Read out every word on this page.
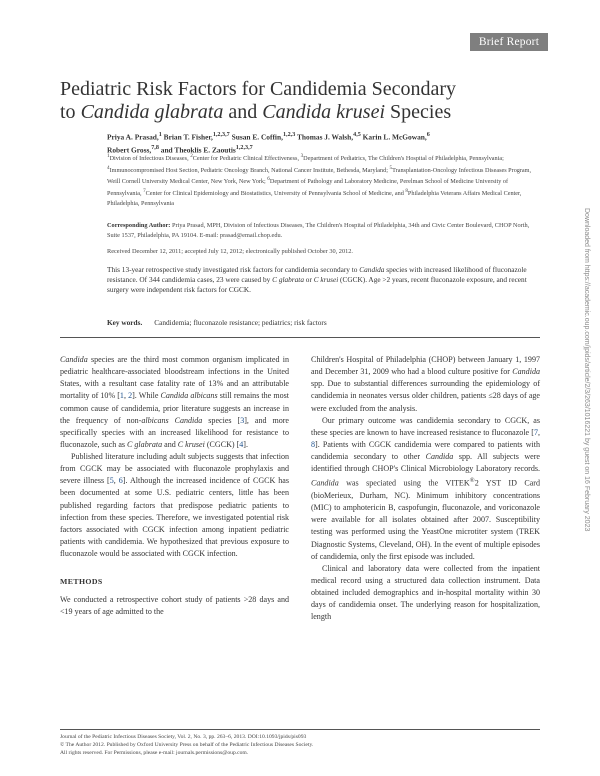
Brief Report
Pediatric Risk Factors for Candidemia Secondary
to Candida glabrata and Candida krusei Species
Priya A. Prasad,$^1$ Brian T. Fisher,$^{1,2,3,7}$ Susan E. Coffin,$^{1,2,3}$ Thomas J. Walsh,$^{4,5}$ Karin L. McGowan,$^6$
Robert Gross,$^{7,8}$ and Theoklis E. Zaoutis$^{1,2,3,7}$
$^1$Division of Infectious Diseases, $^2$Center for Pediatric Clinical Effectiveness, $^3$Department of Pediatrics, The Children's Hospital of Philadelphia, Pennsylvania; $^4$Immunocompromised Host Section, Pediatric Oncology Branch, National Cancer Institute, Bethesda, Maryland; $^5$Transplantation-Oncology Infectious Diseases Program, Weill Cornell University Medical Center, New York, New York; $^6$Department of Pathology and Laboratory Medicine, Perelman School of Medicine University of Pennsylvania, $^7$Center for Clinical Epidemiology and Biostatistics, University of Pennsylvania School of Medicine, and $^8$Philadelphia Veterans Affairs Medical Center, Philadelphia, Pennsylvania
Corresponding Author: Priya Prasad, MPH, Division of Infectious Diseases, The Children's Hospital of Philadelphia, 34th and Civic Center Boulevard, CHOP North, Suite 1537, Philadelphia, PA 19104. E-mail: prasad@email.chop.edu.
Received December 12, 2011; accepted July 12, 2012; electronically published October 30, 2012.
This 13-year retrospective study investigated risk factors for candidemia secondary to Candida species with increased likelihood of fluconazole resistance. Of 344 candidemia cases, 23 were caused by C glabrata or C krusei (CGCK). Age >2 years, recent fluconazole exposure, and recent surgery were independent risk factors for CGCK.
Key words. Candidemia; fluconazole resistance; pediatrics; risk factors

Candida species are the third most common organism implicated in pediatric healthcare-associated bloodstream infections in the United States, with a resultant case fatality rate of 13% and an attributable mortality of 10% [1, 2]. While Candida albicans still remains the most common cause of candidemia, prior literature suggests an increase in the frequency of non-albicans Candida species [3], and more specifically species with an increased likelihood for resistance to fluconazole, such as C glabrata and C krusei (CGCK) [4].

Published literature including adult subjects suggests that infection from CGCK may be associated with fluconazole prophylaxis and severe illness [5, 6]. Although the increased incidence of CGCK has been documented at some U.S. pediatric centers, little has been published regarding factors that predispose pediatric patients to infection from these species. Therefore, we investigated potential risk factors associated with CGCK infection among inpatient pediatric patients with candidemia. We hypothesized that previous exposure to fluconazole would be associated with CGCK infection.

METHODS

We conducted a retrospective cohort study of patients >28 days and <19 years of age admitted to the

Children's Hospital of Philadelphia (CHOP) between January 1, 1997 and December 31, 2009 who had a blood culture positive for Candida spp. Due to substantial differences surrounding the epidemiology of candidemia in neonates versus older children, patients ≤28 days of age were excluded from the analysis.

Our primary outcome was candidemia secondary to CGCK, as these species are known to have increased resistance to fluconazole [7, 8]. Patients with CGCK candidemia were compared to patients with candidemia secondary to other Candida spp. All subjects were identified through CHOP's Clinical Microbiology Laboratory records. Candida was speciated using the VITEK®2 YST ID Card (bioMerieux, Durham, NC). Minimum inhibitory concentrations (MIC) to amphotericin B, caspofungin, fluconazole, and voriconazole were available for all isolates obtained after 2007. Susceptibility testing was performed using the YeastOne microtiter system (TREK Diagnostic Systems, Cleveland, OH). In the event of multiple episodes of candidemia, only the first episode was included.

Clinical and laboratory data were collected from the inpatient medical record using a structured data collection instrument. Data obtained included demographics and in-hospital mortality within 30 days of candidemia onset. The underlying reason for hospitalization, length

Journal of the Pediatric Infectious Diseases Society, Vol. 2, No. 3, pp. 263–6, 2013. DOI:10.1093/jpids/pis093
© The Author 2012. Published by Oxford University Press on behalf of the Pediatric Infectious Diseases Society.
All rights reserved. For Permissions, please e-mail: journals.permissions@oup.com.
Downloaded from https://academic.oup.com/jpids/article/2/3/263/1016221 by guest on 16 February 2023
